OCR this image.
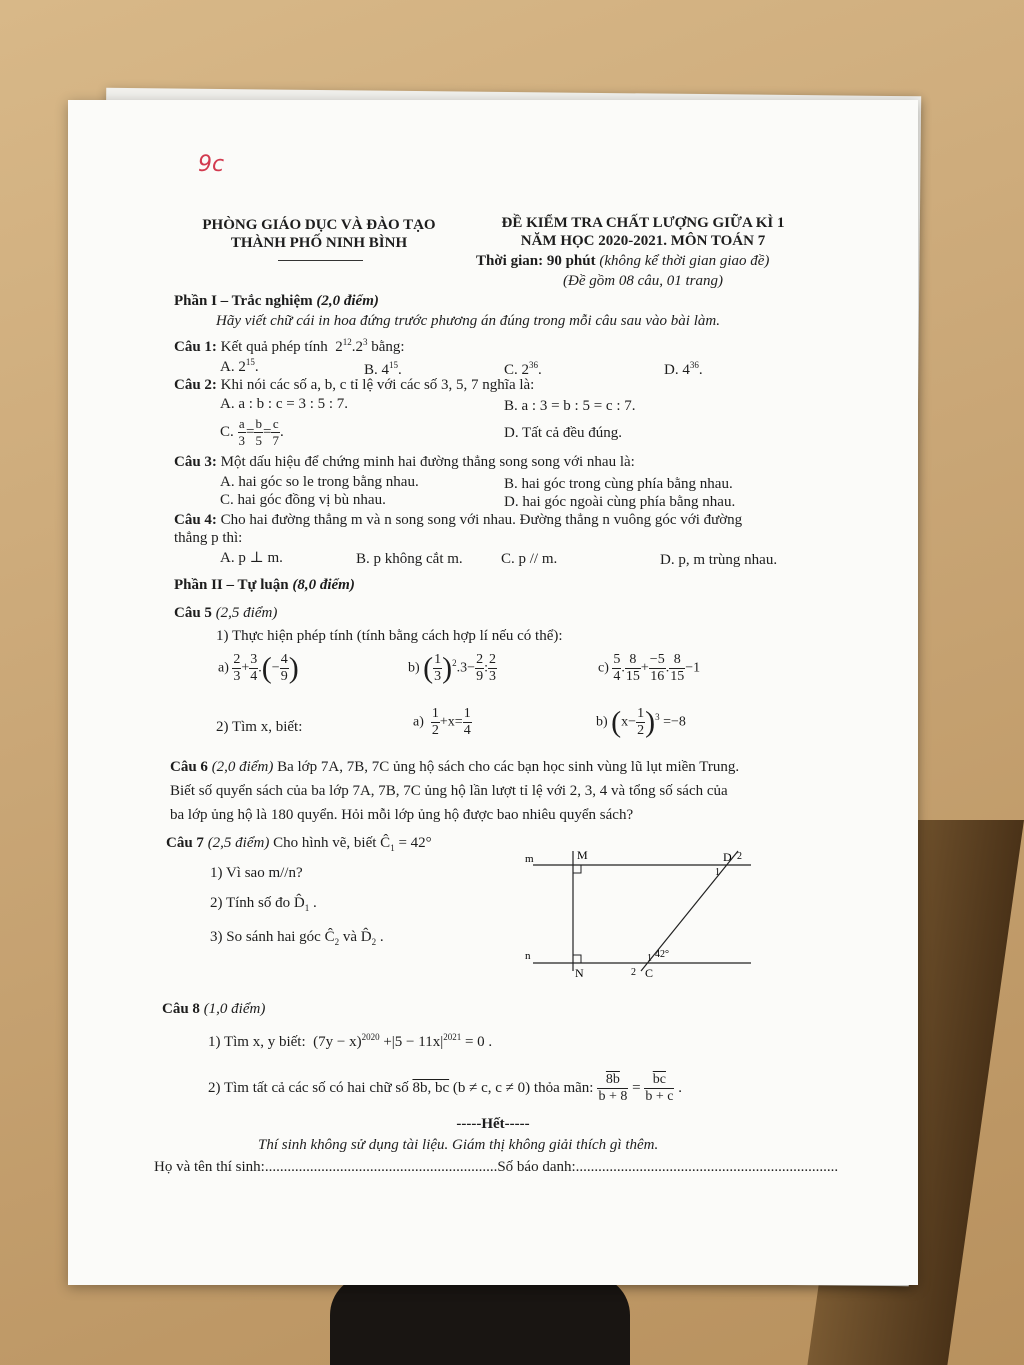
9c
PHÒNG GIÁO DỤC VÀ ĐÀO TẠO
THÀNH PHỐ NINH BÌNH
ĐỀ KIỂM TRA CHẤT LƯỢNG GIỮA KÌ 1
NĂM HỌC 2020-2021. MÔN TOÁN 7
Thời gian: 90 phút (không kể thời gian giao đề)
(Đề gồm 08 câu, 01 trang)
Phần I – Trắc nghiệm (2,0 điểm)
Hãy viết chữ cái in hoa đứng trước phương án đúng trong mỗi câu sau vào bài làm.
Câu 1: Kết quả phép tính $2^{12}.2^3$ bằng:
A. $2^{15}$.	B. $4^{15}$.	C. $2^{36}$.	D. $4^{36}$.
Câu 2: Khi nói các số a, b, c tỉ lệ với các số 3, 5, 7 nghĩa là:
A. a : b : c = 3 : 5 : 7.	B. a : 3 = b : 5 = c : 7.
C. $\frac{a}{3} = \frac{b}{5} = \frac{c}{7}$ .	D. Tất cả đều đúng.
Câu 3: Một dấu hiệu để chứng minh hai đường thẳng song song với nhau là:
A. hai góc so le trong bằng nhau.	B. hai góc trong cùng phía bằng nhau.
C. hai góc đồng vị bù nhau.	D. hai góc ngoài cùng phía bằng nhau.
Câu 4: Cho hai đường thẳng m và n song song với nhau. Đường thẳng n vuông góc với đường
thẳng p thì:
A. p ⊥ m.	B. p không cắt m.	C. p // m.	D. p, m trùng nhau.
Phần II – Tự luận (8,0 điểm)
Câu 5 (2,5 điểm)
1) Thực hiện phép tính (tính bằng cách hợp lí nếu có thể):
$a) \frac{2}{3} + \frac{3}{4}$ .(− $\frac{4}{9}$ )	b) ( $\frac{1}{3} )^2.3- \frac{2}{9}$ : $\frac{2}{3}$	$c) \frac{5}{4}$ . $\frac{8}{15} + \frac{-5}{16}$ . $\frac{8}{15} -1$
2) Tìm x, biết:	$a) \frac{1}{2} +x= \frac{1}{4}$	b) $(x- \frac{1}{2} )^3 =-8$
Câu 6 (2,0 điểm) Ba lớp 7A, 7B, 7C ủng hộ sách cho các bạn học sinh vùng lũ lụt miền Trung.
Biết số quyển sách của ba lớp 7A, 7B, 7C ủng hộ lần lượt tỉ lệ với 2, 3, 4 và tổng số sách của
ba lớp ủng hộ là 180 quyển. Hỏi mỗi lớp ủng hộ được bao nhiêu quyển sách?
Câu 7 (2,5 điểm) Cho hình vẽ, biết $Ĉ_1 = 42^\circ$
1) Vì sao m//n?
2) Tính số đo $D̂_1$ .
3) So sánh hai góc $Ĉ_2$ và $D̂_2$ .
m
n
M
N
D 2
1
C
2
1 42°
Câu 8 (1,0 điểm)
1) Tìm x, y biết: $(7y - x)^{2020} +|5 - 11x|^{2021} = 0$ .
2) Tìm tất cả các số có hai chữ số 8b, bc (b ≠ c, c ≠ 0) thỏa mãn: $\frac{8b}{b + 8} = \frac{\overline{bc}}{b + c}$ .
-----Hết-----
Thí sinh không sử dụng tài liệu. Giám thị không giải thích gì thêm.
Họ và tên thí sinh:..............................................................Số báo danh:......................................................................
